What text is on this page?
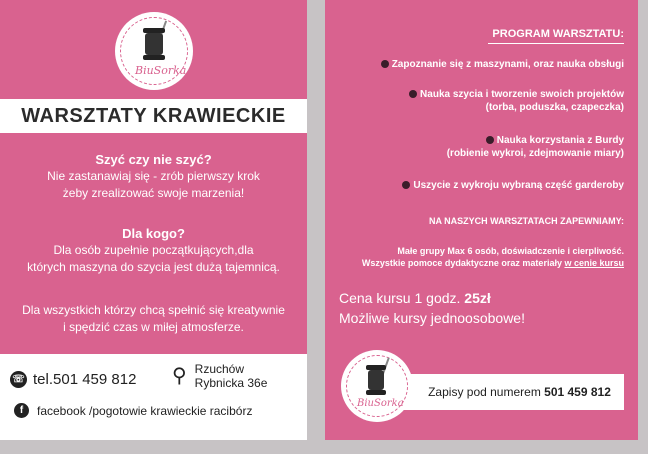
BiuSorka
WARSZTATY KRAWIECKIE
Szyć czy nie szyć?
Nie zastanawiaj się - zrób pierwszy krok
żeby zrealizować swoje marzenia!
Dla kogo?
Dla osób zupełnie początkujących,dla
których maszyna do szycia jest dużą tajemnicą.
Dla wszystkich którzy chcą spełnić się kreatywnie
i spędzić czas w miłej atmosferze.
☏ tel.501 459 812 ⚲ Rzuchów
Rybnicka 36e
f	facebook /pogotowie krawieckie racibórz
PROGRAM WARSZTATU:
Zapoznanie się z maszynami, oraz nauka obsługi
Nauka szycia i tworzenie swoich projektów
(torba, poduszka, czapeczka)
Nauka korzystania z Burdy
(robienie wykroi, zdejmowanie miary)
Uszycie z wykroju wybraną część garderoby
NA NASZYCH WARSZTATACH ZAPEWNIAMY:
Małe grupy Max 6 osób, doświadczenie i cierpliwość.
Wszystkie pomoce dydaktyczne oraz materiały w cenie kursu
Cena kursu 1 godz. 25zł
Możliwe kursy jednoosobowe!
Zapisy pod numerem
501 459 812
BiuSorka
